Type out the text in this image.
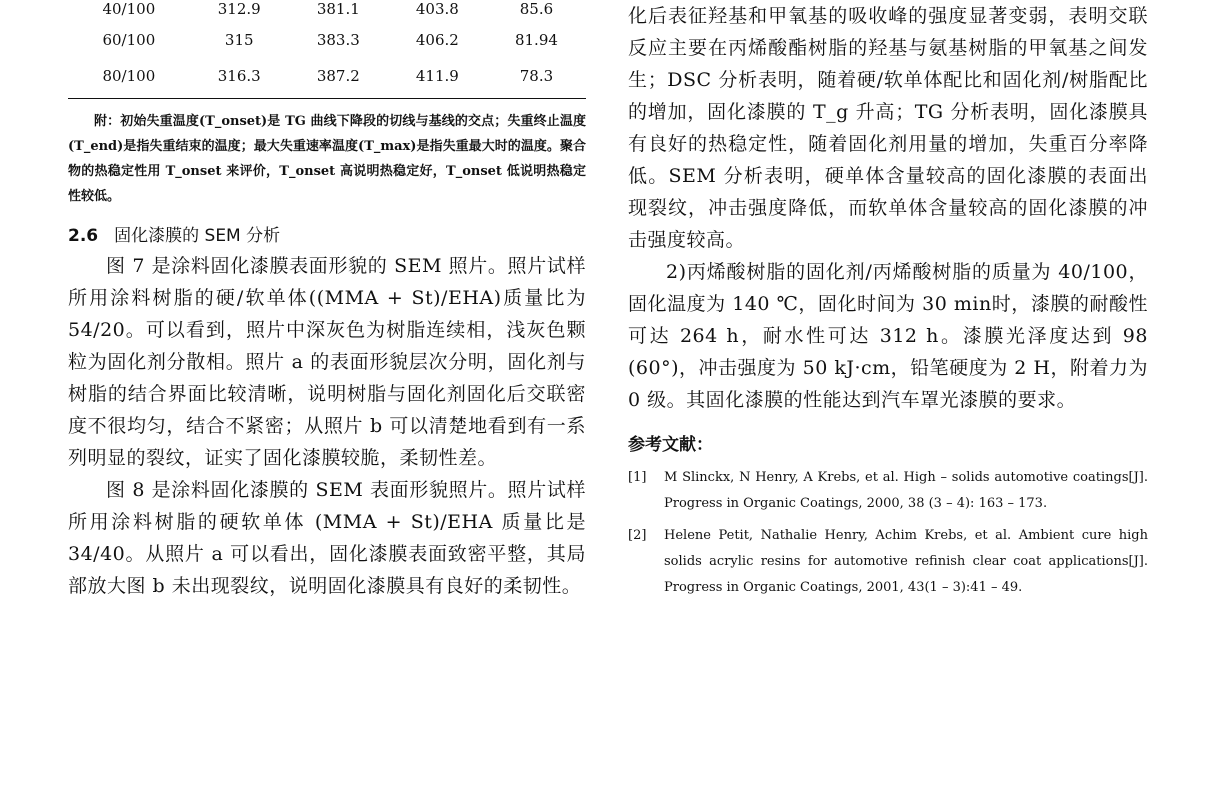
40/100	312.9	381.1	403.8	85.6
60/100	315	383.3	406.2	81.94
80/100	316.3	387.2	411.9	78.3

附：初始失重温度(T_onset)是 TG 曲线下降段的切线与基线的交点；失重终止温度(T_end)是指失重结束的温度；最大失重速率温度(T_max)是指失重最大时的温度。聚合物的热稳定性用 T_onset 来评价，T_onset 高说明热稳定好，T_onset 低说明热稳定性较低。

2.6 固化漆膜的 SEM 分析

图 7 是涂料固化漆膜表面形貌的 SEM 照片。照片试样所用涂料树脂的硬/软单体((MMA + St)/EHA)质量比为 54/20。可以看到，照片中深灰色为树脂连续相，浅灰色颗粒为固化剂分散相。照片 a 的表面形貌层次分明，固化剂与树脂的结合界面比较清晰，说明树脂与固化剂固化后交联密度不很均匀，结合不紧密；从照片 b 可以清楚地看到有一系列明显的裂纹，证实了固化漆膜较脆，柔韧性差。

图 8 是涂料固化漆膜的 SEM 表面形貌照片。照片试样所用涂料树脂的硬软单体 (MMA + St)/EHA 质量比是 34/40。从照片 a 可以看出，固化漆膜表面致密平整，其局部放大图 b 未出现裂纹，说明固化漆膜具有良好的柔韧性。

化后表征羟基和甲氧基的吸收峰的强度显著变弱，表明交联反应主要在丙烯酸酯树脂的羟基与氨基树脂的甲氧基之间发生；DSC 分析表明，随着硬/软单体配比和固化剂/树脂配比的增加，固化漆膜的 T_g 升高；TG 分析表明，固化漆膜具有良好的热稳定性，随着固化剂用量的增加，失重百分率降低。SEM 分析表明，硬单体含量较高的固化漆膜的表面出现裂纹，冲击强度降低，而软单体含量较高的固化漆膜的冲击强度较高。

2)丙烯酸树脂的固化剂/丙烯酸树脂的质量为 40/100，固化温度为 140 ℃，固化时间为 30 min时，漆膜的耐酸性可达 264 h，耐水性可达 312 h。漆膜光泽度达到 98 (60°)，冲击强度为 50 kJ·cm，铅笔硬度为 2 H，附着力为 0 级。其固化漆膜的性能达到汽车罩光漆膜的要求。

参考文献：

[1] M Slinckx, N Henry, A Krebs, et al. High – solids automotive coatings[J]. Progress in Organic Coatings, 2000, 38 (3 – 4): 163 – 173.

[2] Helene Petit, Nathalie Henry, Achim Krebs, et al. Ambient cure high solids acrylic resins for automotive refinish clear coat applications[J]. Progress in Organic Coatings, 2001, 43(1 – 3):41 – 49.
